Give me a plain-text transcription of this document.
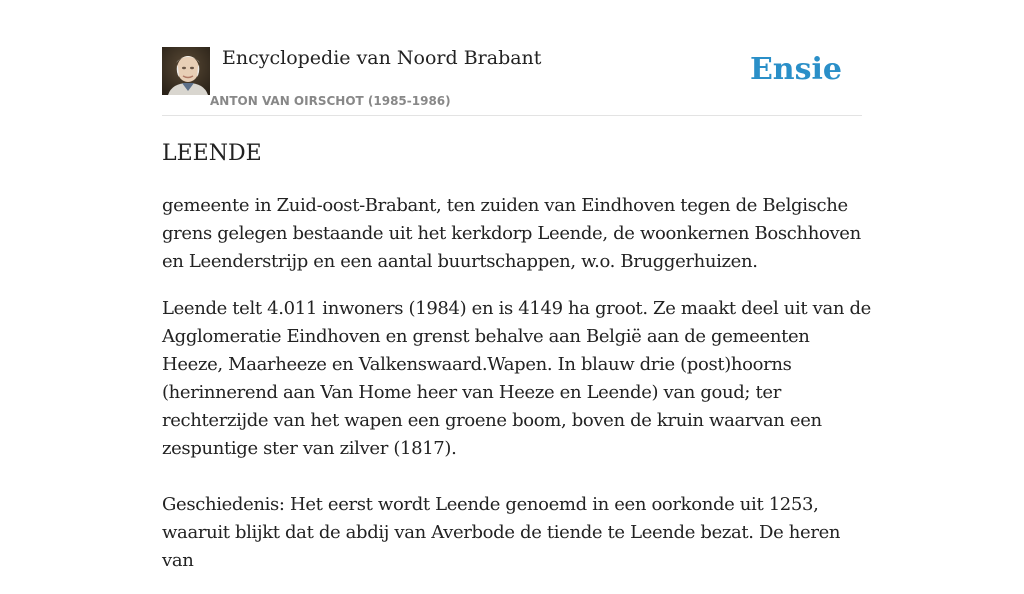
Encyclopedie van Noord Brabant
ANTON VAN OIRSCHOT (1985-1986)
Ensie
LEENDE

gemeente in Zuid-oost-Brabant, ten zuiden van Eindhoven tegen de Belgische grens gelegen bestaande uit het kerkdorp Leende, de woonkernen Boschhoven en Leenderstrijp en een aantal buurtschappen, w.o. Bruggerhuizen.

Leende telt 4.011 inwoners (1984) en is 4149 ha groot. Ze maakt deel uit van de Agglomeratie Eindhoven en grenst behalve aan België aan de gemeenten Heeze, Maarheeze en Valkenswaard.Wapen. In blauw drie (post)hoorns (herinnerend aan Van Home heer van Heeze en Leende) van goud; ter rechterzijde van het wapen een groene boom, boven de kruin waarvan een zespuntige ster van zilver (1817).

Geschiedenis: Het eerst wordt Leende genoemd in een oorkonde uit 1253, waaruit blijkt dat de abdij van Averbode de tiende te Leende bezat. De heren van
